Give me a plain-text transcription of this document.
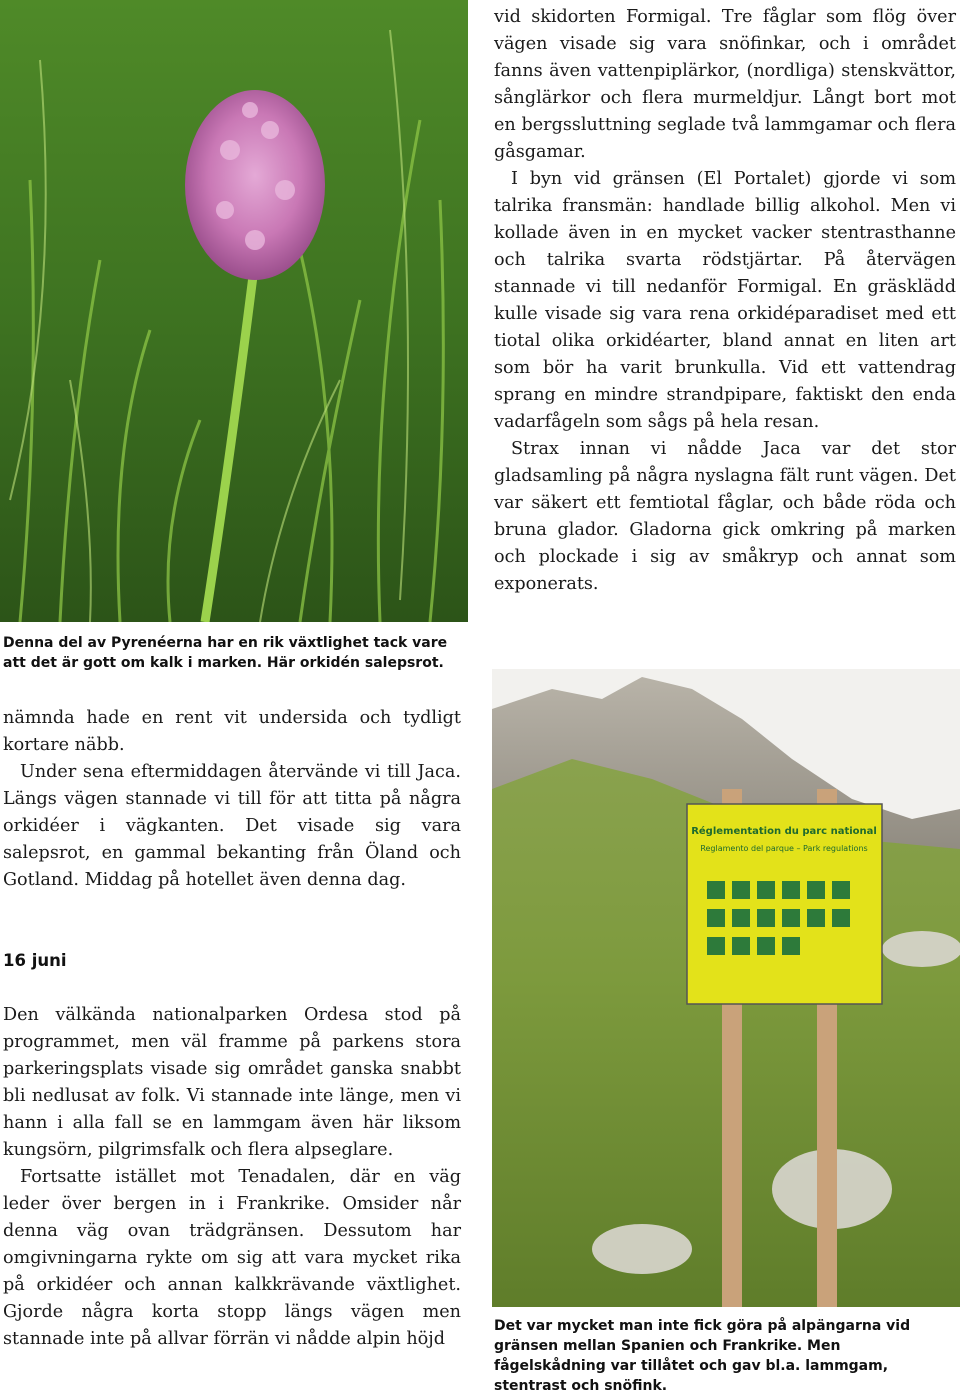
vid skidorten Formigal. Tre fåglar som flög över vägen visade sig vara snöfinkar, och i området fanns även vattenpiplärkor, (nordliga) stenskvättor, sånglärkor och flera murmeldjur. Långt bort mot en bergssluttning seglade två lammgamar och flera gåsgamar.

I byn vid gränsen (El Portalet) gjorde vi som talrika fransmän: handlade billig alkohol. Men vi kollade även in en mycket vacker stentrasthanne och talrika svarta rödstjärtar. På återvägen stannade vi till nedanför Formigal. En gräsklädd kulle visade sig vara rena orkidéparadiset med ett tiotal olika orkidéarter, bland annat en liten art som bör ha varit brunkulla. Vid ett vattendrag sprang en mindre strandpipare, faktiskt den enda vadarfågeln som sågs på hela resan.

Strax innan vi nådde Jaca var det stor gladsamling på några nyslagna fält runt vägen. Det var säkert ett femtiotal fåglar, och både röda och bruna glador. Gladorna gick omkring på marken och plockade i sig av småkryp och annat som exponerats.

Denna del av Pyrenéerna har en rik växtlighet tack vare att det är gott om kalk i marken. Här orkidén salepsrot.

nämnda hade en rent vit undersida och tydligt kortare näbb.

Under sena eftermiddagen återvände vi till Jaca. Längs vägen stannade vi till för att titta på några orkidéer i vägkanten. Det visade sig vara salepsrot, en gammal bekanting från Öland och Gotland. Middag på hotellet även denna dag.

16 juni

Den välkända nationalparken Ordesa stod på programmet, men väl framme på parkens stora parkeringsplats visade sig området ganska snabbt bli nedlusat av folk. Vi stannade inte länge, men vi hann i alla fall se en lammgam även här liksom kungsörn, pilgrimsfalk och flera alpseglare.

Fortsatte istället mot Tenadalen, där en väg leder över bergen in i Frankrike. Omsider når denna väg ovan trädgränsen. Dessutom har omgivningarna rykte om sig att vara mycket rika på orkidéer och annan kalkkrävande växtlighet. Gjorde några korta stopp längs vägen men stannade inte på allvar förrän vi nådde alpin höjd

Réglementation du parc national
Reglamento del parque – Park regulations
Det var mycket man inte fick göra på alpängarna vid gränsen mellan Spanien och Frankrike. Men fågelskådning var tillåtet och gav bl.a. lammgam, stentrast och snöfink.
